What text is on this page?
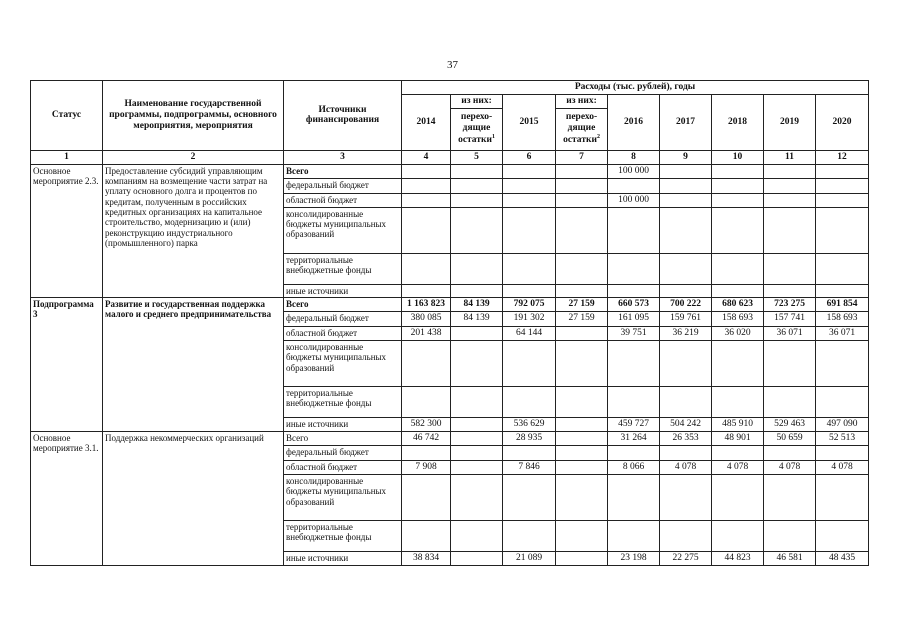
37
Статус	Наименование государственной программы, подпрограммы, основного мероприятия, мероприятия	Источники финансирования	Расходы (тыс. рублей), годы								
			2014	из них:	2015	из них:	2016	2017	2018	2019	2020
				перехо-дящие остатки$^1$		перехо-дящие остатки$^2$
1	2	3	4	5	6	7	8	9	10	11	12
Основное мероприятие 2.3.	Предоставление субсидий управляющим компаниям на возмещение части затрат на уплату основного долга и процентов по кредитам, полученным в российских кредитных организациях на капитальное строительство, модернизацию и (или) реконструкцию индустриального (промышленного) парка	Всего					100 000				
		федеральный бюджет									
		областной бюджет					100 000				
		консолидированные бюджеты муниципальных образований									
		территориальные внебюджетные фонды									
		иные источники									
Подпрограмма 3	Развитие и государственная поддержка малого и среднего предпринимательства	Всего	1 163 823	84 139	792 075	27 159	660 573	700 222	680 623	723 275	691 854
		федеральный бюджет	380 085	84 139	191 302	27 159	161 095	159 761	158 693	157 741	158 693
		областной бюджет	201 438		64 144		39 751	36 219	36 020	36 071	36 071
		консолидированные бюджеты муниципальных образований									
		территориальные внебюджетные фонды									
		иные источники	582 300		536 629		459 727	504 242	485 910	529 463	497 090
Основное мероприятие 3.1.	Поддержка некоммерческих организаций	Всего	46 742		28 935		31 264	26 353	48 901	50 659	52 513
		федеральный бюджет									
		областной бюджет	7 908		7 846		8 066	4 078	4 078	4 078	4 078
		консолидированные бюджеты муниципальных образований									
		территориальные внебюджетные фонды									
		иные источники	38 834		21 089		23 198	22 275	44 823	46 581	48 435
